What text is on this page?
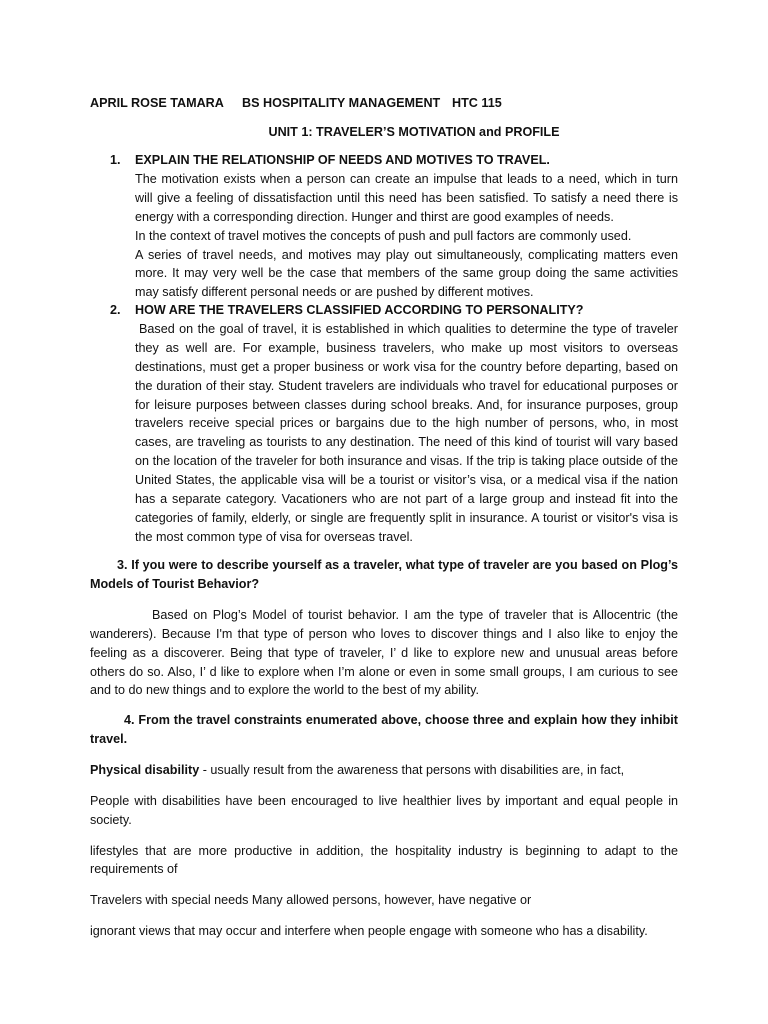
APRIL ROSE TAMARA BS HOSPITALITY MANAGEMENT HTC 115
UNIT 1: TRAVELER’S MOTIVATION and PROFILE
1. EXPLAIN THE RELATIONSHIP OF NEEDS AND MOTIVES TO TRAVEL.

The motivation exists when a person can create an impulse that leads to a need, which in turn will give a feeling of dissatisfaction until this need has been satisfied. To satisfy a need there is energy with a corresponding direction. Hunger and thirst are good examples of needs.

In the context of travel motives the concepts of push and pull factors are commonly used.

A series of travel needs, and motives may play out simultaneously, complicating matters even more. It may very well be the case that members of the same group doing the same activities may satisfy different personal needs or are pushed by different motives.

2. HOW ARE THE TRAVELERS CLASSIFIED ACCORDING TO PERSONALITY?

Based on the goal of travel, it is established in which qualities to determine the type of traveler they as well are. For example, business travelers, who make up most visitors to overseas destinations, must get a proper business or work visa for the country before departing, based on the duration of their stay. Student travelers are individuals who travel for educational purposes or for leisure purposes between classes during school breaks. And, for insurance purposes, group travelers receive special prices or bargains due to the high number of persons, who, in most cases, are traveling as tourists to any destination. The need of this kind of tourist will vary based on the location of the traveler for both insurance and visas. If the trip is taking place outside of the United States, the applicable visa will be a tourist or visitor’s visa, or a medical visa if the nation has a separate category. Vacationers who are not part of a large group and instead fit into the categories of family, elderly, or single are frequently split in insurance. A tourist or visitor's visa is the most common type of visa for overseas travel.

3. If you were to describe yourself as a traveler, what type of traveler are you based on Plog’s Models of Tourist Behavior?

Based on Plog’s Model of tourist behavior. I am the type of traveler that is Allocentric (the wanderers). Because I'm that type of person who loves to discover things and I also like to enjoy the feeling as a discoverer. Being that type of traveler, I’ d like to explore new and unusual areas before others do so. Also, I’ d like to explore when I’m alone or even in some small groups, I am curious to see and to do new things and to explore the world to the best of my ability.

4. From the travel constraints enumerated above, choose three and explain how they inhibit travel.

Physical disability - usually result from the awareness that persons with disabilities are, in fact,

People with disabilities have been encouraged to live healthier lives by important and equal people in society.

lifestyles that are more productive in addition, the hospitality industry is beginning to adapt to the requirements of

Travelers with special needs Many allowed persons, however, have negative or

ignorant views that may occur and interfere when people engage with someone who has a disability.
